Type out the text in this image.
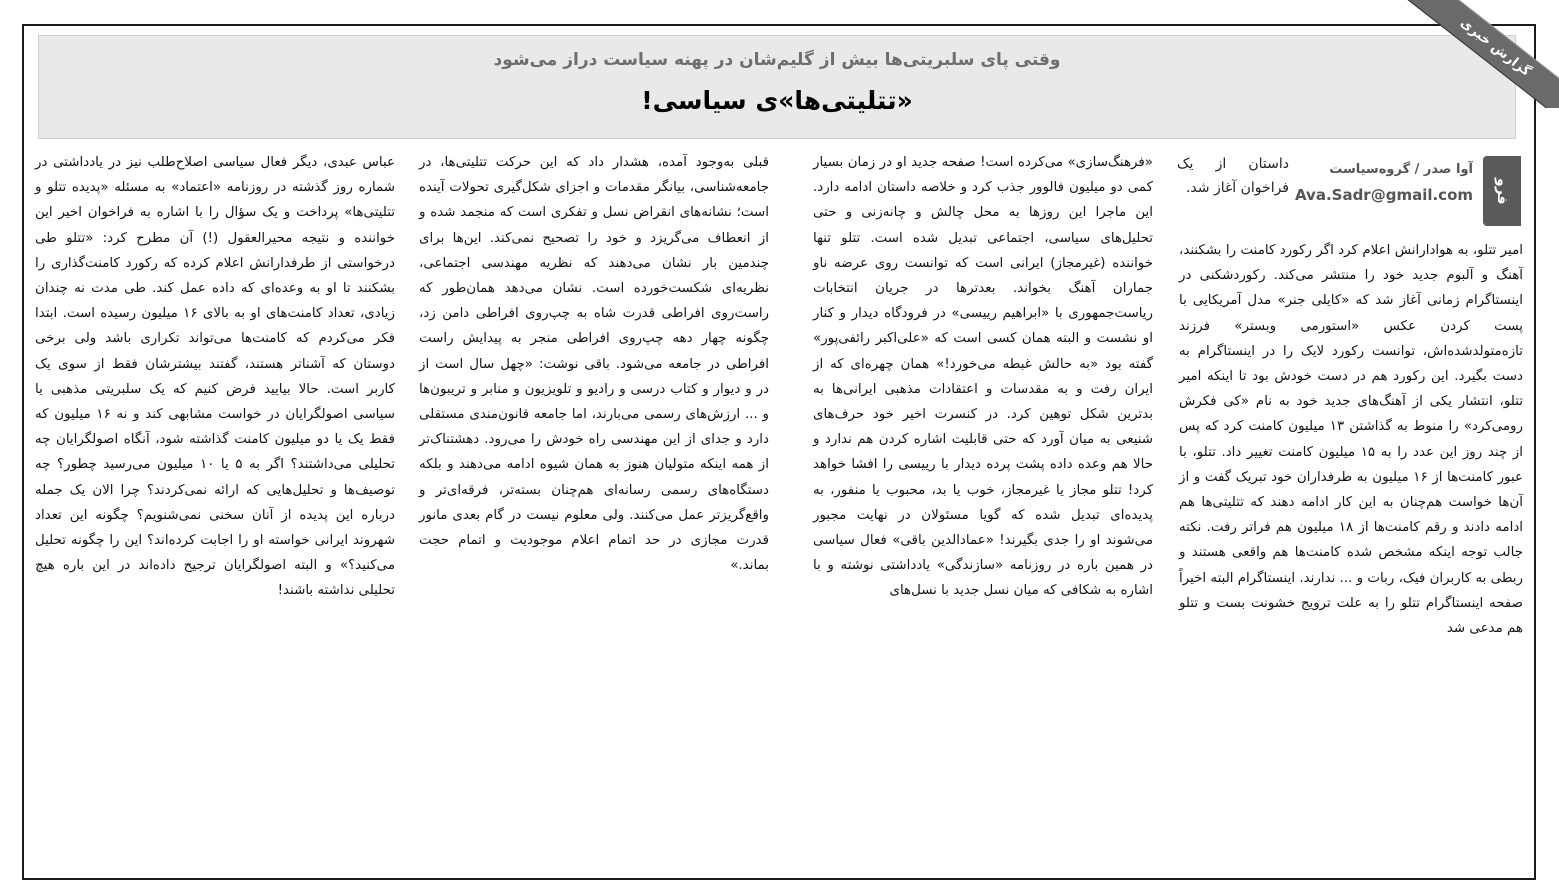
وقتی پای سلبریتی‌ها بیش از گلیم‌شان در پهنه سیاست دراز می‌شود
«تتلیتی‌ها»ی سیاسی!
گزارش خبری
فرو
آوا صدر / گروه‌سیاست
Ava.Sadr@gmail.com
داستان از یک فراخوان آغاز شد.

امیر تتلو، به هوادارانش اعلام کرد اگر رکورد کامنت را بشکنند، آهنگ و آلبوم جدید خود را منتشر می‌کند. رکوردشکنی در اینستاگرام زمانی آغاز شد که «کایلی جنر» مدل آمریکایی با پست کردن عکس «استورمی وبستر» فرزند تازه‌متولدشده‌اش، توانست رکورد لایک را در اینستاگرام به دست بگیرد. این رکورد هم در دست خودش بود تا اینکه امیر تتلو، انتشار یکی از آهنگ‌های جدید خود به نام «کی فکرش رومی‌کرد» را منوط به گذاشتن ۱۳ میلیون کامنت کرد که پس از چند روز این عدد را به ۱۵ میلیون کامنت تغییر داد. تتلو، با عبور کامنت‌ها از ۱۶ میلیون به طرفداران خود تبریک گفت و از آن‌ها خواست هم‌چنان به این کار ادامه دهند که تتلیتی‌ها هم ادامه دادند و رقم کامنت‌ها از ۱۸ میلیون هم فراتر رفت. نکته جالب توجه اینکه مشخص شده کامنت‌ها هم واقعی هستند و ربطی به کاربران فیک، ربات و ... ندارند. اینستاگرام البته اخیراً صفحه اینستاگرام تتلو را به علت ترویج خشونت بست و تتلو هم مدعی شد

«فرهنگ‌سازی» می‌کرده است! صفحه جدید او در زمان بسیار کمی دو میلیون فالوور جذب کرد و خلاصه داستان ادامه دارد. این ماجرا این روزها به محل چالش و چانه‌زنی و حتی تحلیل‌های سیاسی، اجتماعی تبدیل شده است. تتلو تنها خواننده (غیرمجاز) ایرانی است که توانست روی عرضه ناو جماران آهنگ بخواند. بعدترها در جریان انتخابات ریاست‌جمهوری با «ابراهیم رییسی» در فرودگاه دیدار و کنار او نشست و البته همان کسی است که «علی‌اکبر رائفی‌پور» گفته بود «به حالش غبطه می‌خورد!» همان چهره‌ای که از ایران رفت و به مقدسات و اعتقادات مذهبی ایرانی‌ها به بدترین شکل توهین کرد. در کنسرت اخیر خود حرف‌های شنیعی به میان آورد که حتی قابلیت اشاره کردن هم ندارد و حالا هم وعده داده پشت پرده دیدار با رییسی را افشا خواهد کرد! تتلو مجاز یا غیرمجاز، خوب یا بد، محبوب یا منفور، به پدیده‌ای تبدیل شده که گویا مسئولان در نهایت مجبور می‌شوند او را جدی بگیرند! «عمادالدین باقی» فعال سیاسی در همین باره در روزنامه «سازندگی» یادداشتی نوشته و با اشاره به شکافی که میان نسل جدید با نسل‌های

قبلی به‌وجود آمده، هشدار داد که این حرکت تتلیتی‌ها، در جامعه‌شناسی، بیانگر مقدمات و اجزای شکل‌گیری تحولات آینده است؛ نشانه‌های انقراض نسل و تفکری است که منجمد شده و از انعطاف می‌گریزد و خود را تصحیح نمی‌کند. این‌ها برای چندمین بار نشان می‌دهند که نظریه مهندسی اجتماعی، نظریه‌ای شکست‌خورده است. نشان می‌دهد همان‌طور که راست‌روی افراطی قدرت شاه به چپ‌روی افراطی دامن زد، چگونه چهار دهه چپ‌روی افراطی منجر به پیدایش راست افراطی در جامعه می‌شود. باقی نوشت: «چهل سال است از در و دیوار و کتاب درسی و رادیو و تلویزیون و منابر و تریبون‌ها و ... ارزش‌های رسمی می‌بارند، اما جامعه قانون‌مندی مستقلی دارد و جدای از این مهندسی راه خودش را می‌رود. دهشتناک‌تر از همه اینکه متولیان هنوز به همان شیوه ادامه می‌دهند و بلکه دستگاه‌های رسمی رسانه‌ای هم‌چنان بسته‌تر، فرقه‌ای‌تر و واقع‌گریزتر عمل می‌کنند. ولی معلوم نیست در گام بعدی مانور قدرت مجازی در حد اتمام اعلام موجودیت و اتمام حجت بماند.»

عباس عبدی، دیگر فعال سیاسی اصلاح‌طلب نیز در یادداشتی در شماره روز گذشته در روزنامه «اعتماد» به مسئله «پدیده تتلو و تتلیتی‌ها» پرداخت و یک سؤال را با اشاره به فراخوان اخیر این خواننده و نتیجه محیرالعقول (!) آن مطرح کرد: «تتلو طی درخواستی از طرفدارانش اعلام کرده که رکورد کامنت‌گذاری را بشکنند تا او به وعده‌ای که داده عمل کند. طی مدت نه چندان زیادی، تعداد کامنت‌های او به بالای ۱۶ میلیون رسیده است. ابتدا فکر می‌کردم که کامنت‌ها می‌تواند تکراری باشد ولی برخی دوستان که آشناتر هستند، گفتند بیشترشان فقط از سوی یک کاربر است. حالا بیایید فرض کنیم که یک سلبریتی مذهبی یا سیاسی اصولگرایان در خواست مشابهی کند و نه ۱۶ میلیون که فقط یک یا دو میلیون کامنت گذاشته شود، آنگاه اصولگرایان چه تحلیلی می‌داشتند؟ اگر به ۵ یا ۱۰ میلیون می‌رسید چطور؟ چه توصیف‌ها و تحلیل‌هایی که ارائه نمی‌کردند؟ چرا الان یک جمله درباره این پدیده از آنان سخنی نمی‌شنویم؟ چگونه این تعداد شهروند ایرانی خواسته او را اجابت کرده‌اند؟ این را چگونه تحلیل می‌کنید؟» و البته اصولگرایان ترجیح داده‌اند در این باره هیچ تحلیلی نداشته باشند!
